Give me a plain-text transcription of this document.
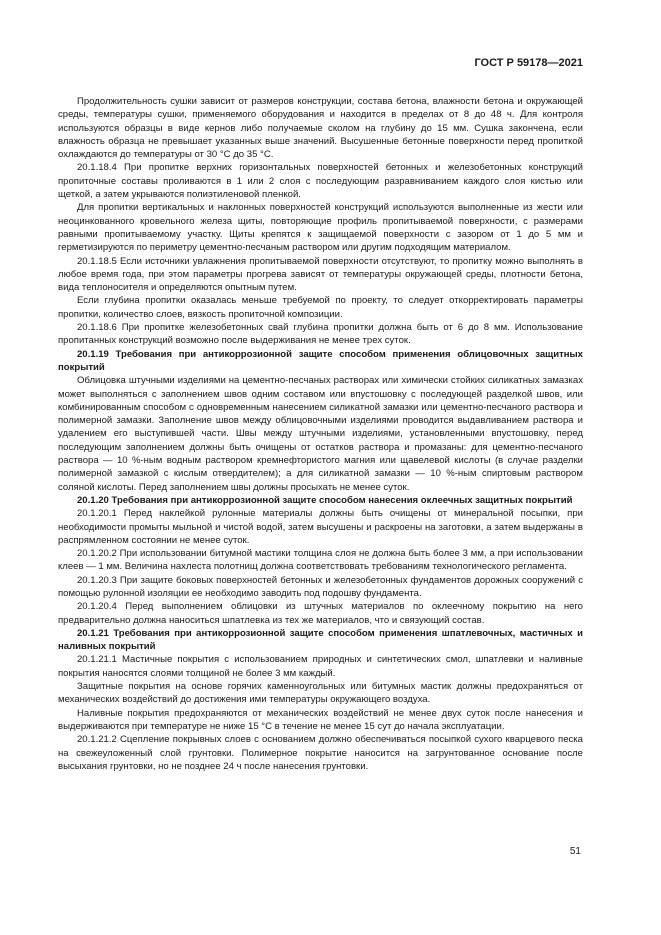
ГОСТ Р 59178—2021

Продолжительность сушки зависит от размеров конструкции, состава бетона, влажности бетона и окружающей среды, температуры сушки, применяемого оборудования и находится в пределах от 8 до 48 ч. Для контроля используются образцы в виде кернов либо получаемые сколом на глубину до 15 мм. Сушка закончена, если влажность образца не превышает указанных выше значений. Высушенные бетонные поверхности перед пропиткой охлаждаются до температуры от 30 °С до 35 °С.

20.1.18.4 При пропитке верхних горизонтальных поверхностей бетонных и железобетонных конструкций пропиточные составы проливаются в 1 или 2 слоя с последующим разравниванием каждого слоя кистью или щеткой, а затем укрываются полиэтиленовой пленкой.

Для пропитки вертикальных и наклонных поверхностей конструкций используются выполненные из жести или неоцинкованного кровельного железа щиты, повторяющие профиль пропитываемой поверхности, с размерами равными пропитываемому участку. Щиты крепятся к защищаемой поверхности с зазором от 1 до 5 мм и герметизируются по периметру цементно-песчаным раствором или другим подходящим материалом.

20.1.18.5 Если источники увлажнения пропитываемой поверхности отсутствуют, то пропитку можно выполнять в любое время года, при этом параметры прогрева зависят от температуры окружающей среды, плотности бетона, вида теплоносителя и определяются опытным путем.

Если глубина пропитки оказалась меньше требуемой по проекту, то следует откорректировать параметры пропитки, количество слоев, вязкость пропиточной композиции.

20.1.18.6 При пропитке железобетонных свай глубина пропитки должна быть от 6 до 8 мм. Использование пропитанных конструкций возможно после выдерживания не менее трех суток.

20.1.19 Требования при антикоррозионной защите способом применения облицовочных защитных покрытий

Облицовка штучными изделиями на цементно-песчаных растворах или химически стойких силикатных замазках может выполняться с заполнением швов одним составом или впустошовку с последующей разделкой швов, или комбинированным способом с одновременным нанесением силикатной замазки или цементно-песчаного раствора и полимерной замазки. Заполнение швов между облицовочными изделиями проводится выдавливанием раствора и удалением его выступившей части. Швы между штучными изделиями, установленными впустошовку, перед последующим заполнением должны быть очищены от остатков раствора и промазаны: для цементно-песчаного раствора — 10 %-ным водным раствором кремнефтористого магния или щавелевой кислоты (в случае разделки полимерной замазкой с кислым отвердителем); а для силикатной замазки — 10 %-ным спиртовым раствором соляной кислоты. Перед заполнением швы должны просыхать не менее суток.

20.1.20 Требования при антикоррозионной защите способом нанесения оклеечных защитных покрытий

20.1.20.1 Перед наклейкой рулонные материалы должны быть очищены от минеральной посыпки, при необходимости промыты мыльной и чистой водой, затем высушены и раскроены на заготовки, а затем выдержаны в распрямленном состоянии не менее суток.

20.1.20.2 При использовании битумной мастики толщина слоя не должна быть более 3 мм, а при использовании клеев — 1 мм. Величина нахлеста полотнищ должна соответствовать требованиям технологического регламента.

20.1.20.3 При защите боковых поверхностей бетонных и железобетонных фундаментов дорожных сооружений с помощью рулонной изоляции ее необходимо заводить под подошву фундамента.

20.1.20.4 Перед выполнением облицовки из штучных материалов по оклеечному покрытию на него предварительно должна наноситься шпатлевка из тех же материалов, что и связующий состав.

20.1.21 Требования при антикоррозионной защите способом применения шпатлевочных, мастичных и наливных покрытий

20.1.21.1 Мастичные покрытия с использованием природных и синтетических смол, шпатлевки и наливные покрытия наносятся слоями толщиной не более 3 мм каждый.

Защитные покрытия на основе горячих каменноугольных или битумных мастик должны предохраняться от механических воздействий до достижения ими температуры окружающего воздуха.

Наливные покрытия предохраняются от механических воздействий не менее двух суток после нанесения и выдерживаются при температуре не ниже 15 °С в течение не менее 15 сут до начала эксплуатации.

20.1.21.2 Сцепление покрывных слоев с основанием должно обеспечиваться посыпкой сухого кварцевого песка на свежеуложенный слой грунтовки. Полимерное покрытие наносится на загрунтованное основание после высыхания грунтовки, но не позднее 24 ч после нанесения грунтовки.

51
